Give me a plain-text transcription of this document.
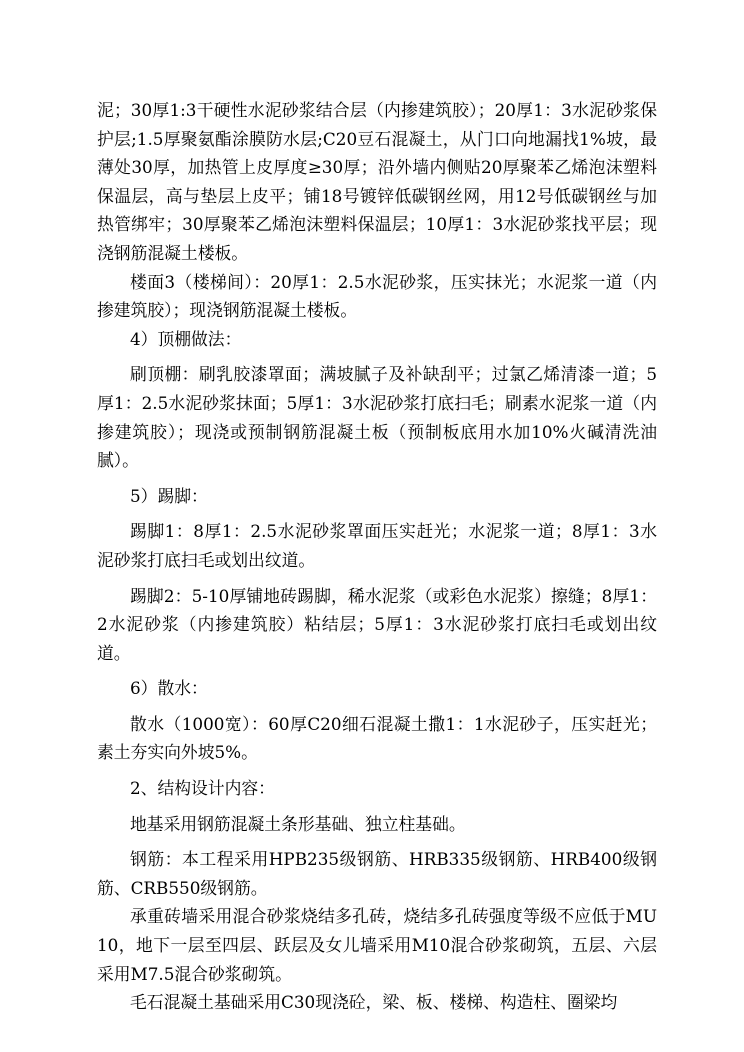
泥；30厚1:3干硬性水泥砂浆结合层（内掺建筑胶）；20厚1：3水泥砂浆保护层;1.5厚聚氨酯涂膜防水层;C20豆石混凝土，从门口向地漏找1%坡，最薄处30厚，加热管上皮厚度≥30厚；沿外墙内侧贴20厚聚苯乙烯泡沫塑料保温层，高与垫层上皮平；铺18号镀锌低碳钢丝网，用12号低碳钢丝与加热管绑牢；30厚聚苯乙烯泡沫塑料保温层；10厚1：3水泥砂浆找平层；现浇钢筋混凝土楼板。

楼面3（楼梯间）：20厚1：2.5水泥砂浆，压实抹光；水泥浆一道（内掺建筑胶）；现浇钢筋混凝土楼板。

4）顶棚做法：

刷顶棚：刷乳胶漆罩面；满坡腻子及补缺刮平；过氯乙烯清漆一道；5厚1：2.5水泥砂浆抹面；5厚1：3水泥砂浆打底扫毛；刷素水泥浆一道（内掺建筑胶）；现浇或预制钢筋混凝土板（预制板底用水加10%火碱清洗油腻）。

5）踢脚：

踢脚1：8厚1：2.5水泥砂浆罩面压实赶光；水泥浆一道；8厚1：3水泥砂浆打底扫毛或划出纹道。

踢脚2：5-10厚铺地砖踢脚，稀水泥浆（或彩色水泥浆）擦缝；8厚1：2水泥砂浆（内掺建筑胶）粘结层；5厚1：3水泥砂浆打底扫毛或划出纹道。

6）散水：

散水（1000宽）：60厚C20细石混凝土撒1：1水泥砂子，压实赶光；素土夯实向外坡5%。

2、结构设计内容：

地基采用钢筋混凝土条形基础、独立柱基础。

钢筋：本工程采用HPB235级钢筋、HRB335级钢筋、HRB400级钢筋、CRB550级钢筋。

承重砖墙采用混合砂浆烧结多孔砖，烧结多孔砖强度等级不应低于MU10，地下一层至四层、跃层及女儿墙采用M10混合砂浆砌筑，五层、六层采用M7.5混合砂浆砌筑。

毛石混凝土基础采用C30现浇砼，梁、板、楼梯、构造柱、圈梁均
